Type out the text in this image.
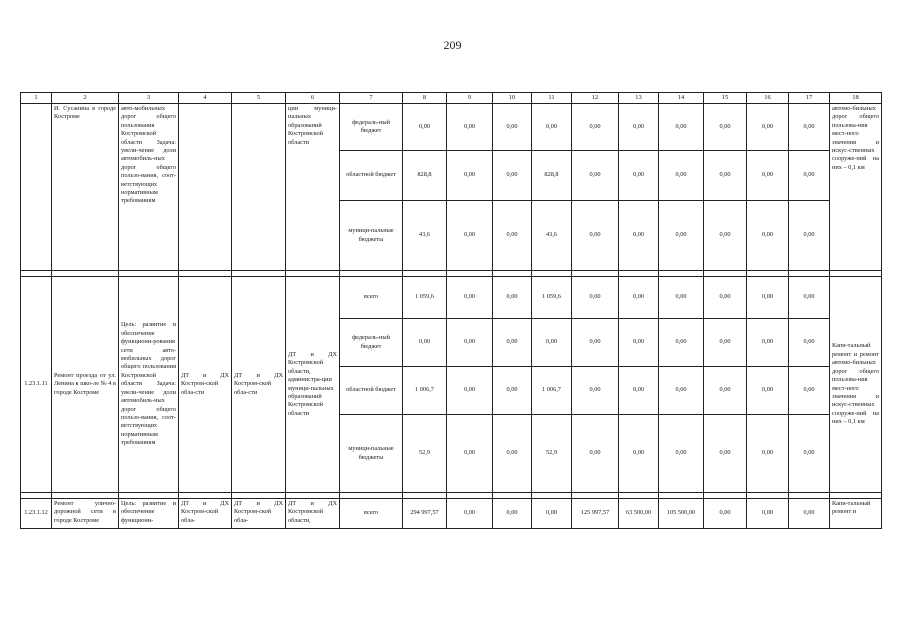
209
1	2	3	4	5	6	7	8	9	10	11	12	13	14	15	16	17	18
	И. Сусанина в городе Костроме	авто-мобильных дорог общего пользования Костромской области Задача: увели-чение доли автомобиль-ных дорог общего пользо-вания, соот-ветствующих нормативным требованиям			ции муници-пальных образований Костромской области	федераль-ный бюджет	0,00	0,00	0,00	0,00	0,00	0,00	0,00	0,00	0,00	0,00	автомо-бильных дорог общего пользова-ния мест-ного значения и искус-ственных сооруже-ний на них – 0,1 км
						областной бюджет	828,8	0,00	0,00	828,8	0,00	0,00	0,00	0,00	0,00	0,00	
						муници-пальные бюджеты	43,6	0,00	0,00	43,6	0,00	0,00	0,00	0,00	0,00	0,00	

1.23.1.11	Ремонт проезда от ул. Ленина к шко-ле № 4 в городе Костроме	Цель: развитие и обеспечение функциони-рования сети авто-мобильных дорог общего пользования Костромской области Задача: увели-чение доли автомобиль-ных дорог общего пользо-вания, соот-ветствующих нормативным требованиям	ДТ и ДХ Костром-ской обла-сти	ДТ и ДХ Костром-ской обла-сти	ДТ и ДХ Костромской области, администра-ции муници-пальных образований Костромской области	всего	1 059,6	0,00	0,00	1 059,6	0,00	0,00	0,00	0,00	0,00	0,00	Капи-тальный ремонт и ремонт автомо-бильных дорог общего пользова-ния мест-ного значения и искус-ственных сооруже-ний на них – 0,1 км
						федераль-ный бюджет	0,00	0,00	0,00	0,00	0,00	0,00	0,00	0,00	0,00	0,00	
						областной бюджет	1 006,7	0,00	0,00	1 006,7	0,00	0,00	0,00	0,00	0,00	0,00	
						муници-пальные бюджеты	52,9	0,00	0,00	52,9	0,00	0,00	0,00	0,00	0,00	0,00	

1.23.1.12	Ремонт улично-дорожной сети в городе Костроме	Цель: развитие и обеспечение функциони-	ДТ и ДХ Костром-ской обла-	ДТ и ДХ Костром-ской обла-	ДТ и ДХ Костромской области,	всего	294 997,57	0,00	0,00	0,00	125 997,57	63 500,00	105 500,00	0,00	0,00	0,00	Капи-тальный ремонт и
